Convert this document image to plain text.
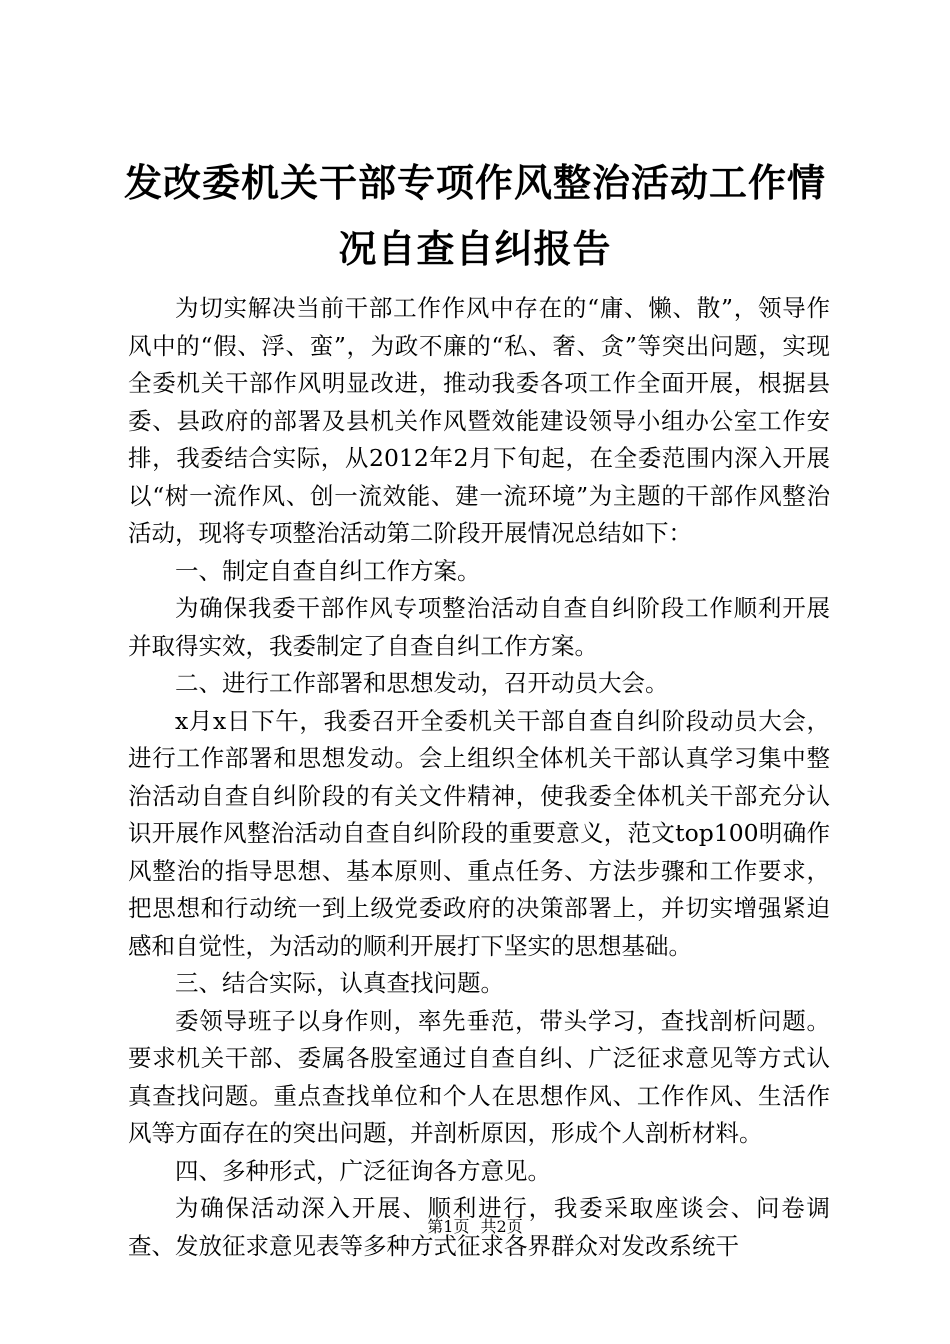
发改委机关干部专项作风整治活动工作情况自查自纠报告

为切实解决当前干部工作作风中存在的“庸、懒、散”，领导作风中的“假、浮、蛮”，为政不廉的“私、奢、贪”等突出问题，实现全委机关干部作风明显改进，推动我委各项工作全面开展，根据县委、县政府的部署及县机关作风暨效能建设领导小组办公室工作安排，我委结合实际，从2012年2月下旬起，在全委范围内深入开展以“树一流作风、创一流效能、建一流环境”为主题的干部作风整治活动，现将专项整治活动第二阶段开展情况总结如下：

一、制定自查自纠工作方案。

为确保我委干部作风专项整治活动自查自纠阶段工作顺利开展并取得实效，我委制定了自查自纠工作方案。

二、进行工作部署和思想发动，召开动员大会。

x月x日下午，我委召开全委机关干部自查自纠阶段动员大会，进行工作部署和思想发动。会上组织全体机关干部认真学习集中整治活动自查自纠阶段的有关文件精神，使我委全体机关干部充分认识开展作风整治活动自查自纠阶段的重要意义，范文top100明确作风整治的指导思想、基本原则、重点任务、方法步骤和工作要求，把思想和行动统一到上级党委政府的决策部署上，并切实增强紧迫感和自觉性，为活动的顺利开展打下坚实的思想基础。

三、结合实际，认真查找问题。

委领导班子以身作则，率先垂范，带头学习，查找剖析问题。要求机关干部、委属各股室通过自查自纠、广泛征求意见等方式认真查找问题。重点查找单位和个人在思想作风、工作作风、生活作风等方面存在的突出问题，并剖析原因，形成个人剖析材料。

四、多种形式，广泛征询各方意见。

为确保活动深入开展、顺利进行，我委采取座谈会、问卷调查、发放征求意见表等多种方式征求各界群众对发改系统干

第1页 共2页
